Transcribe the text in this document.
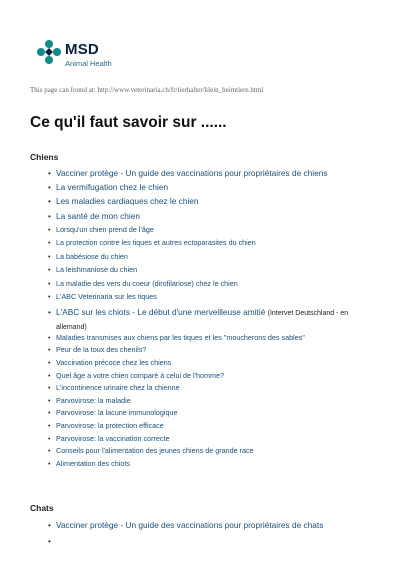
MSD
Animal Health
This page can found at: http://www.veterinaria.ch/fr/tierhalter/klein_heimtiere.html
Ce qu'il faut savoir sur ......
Chiens
• Vacciner protège - Un guide des vaccinations pour propriétaires de chiens
• La vermifugation chez le chien
• Les maladies cardiaques chez le chien
• La santé de mon chien
• Lorsqu'un chien prend de l'âge
• La protection contre les tiques et autres ectoparasites du chien
• La babésiose du chien
• La leishmaniose du chien
• La maladie des vers du coeur (dirofilariose) chez le chien
• L'ABC Veterinaria sur les tiques
• L'ABC sur les chiots - Le début d'une merveilleuse amitié (Intervet Deutschland - en allemand)
• Maladies transmises aux chiens par les tiques et les "moucherons des sables"
• Peur de la toux des chenils?
• Vaccination précoce chez les chiens
• Quel âge a votre chien comparé à celui de l'homme?
• L'incontinence urinaire chez la chienne
• Parvovirose: la maladie
• Parvovirose: la lacune immunologique
• Parvovirose: la protection efficace
• Parvovirose: la vaccination correcte
• Conseils pour l'alimentation des jeunes chiens de grande race
• Alimentation des chiots
Chats
• Vacciner protège - Un guide des vaccinations pour propriétaires de chats
•
